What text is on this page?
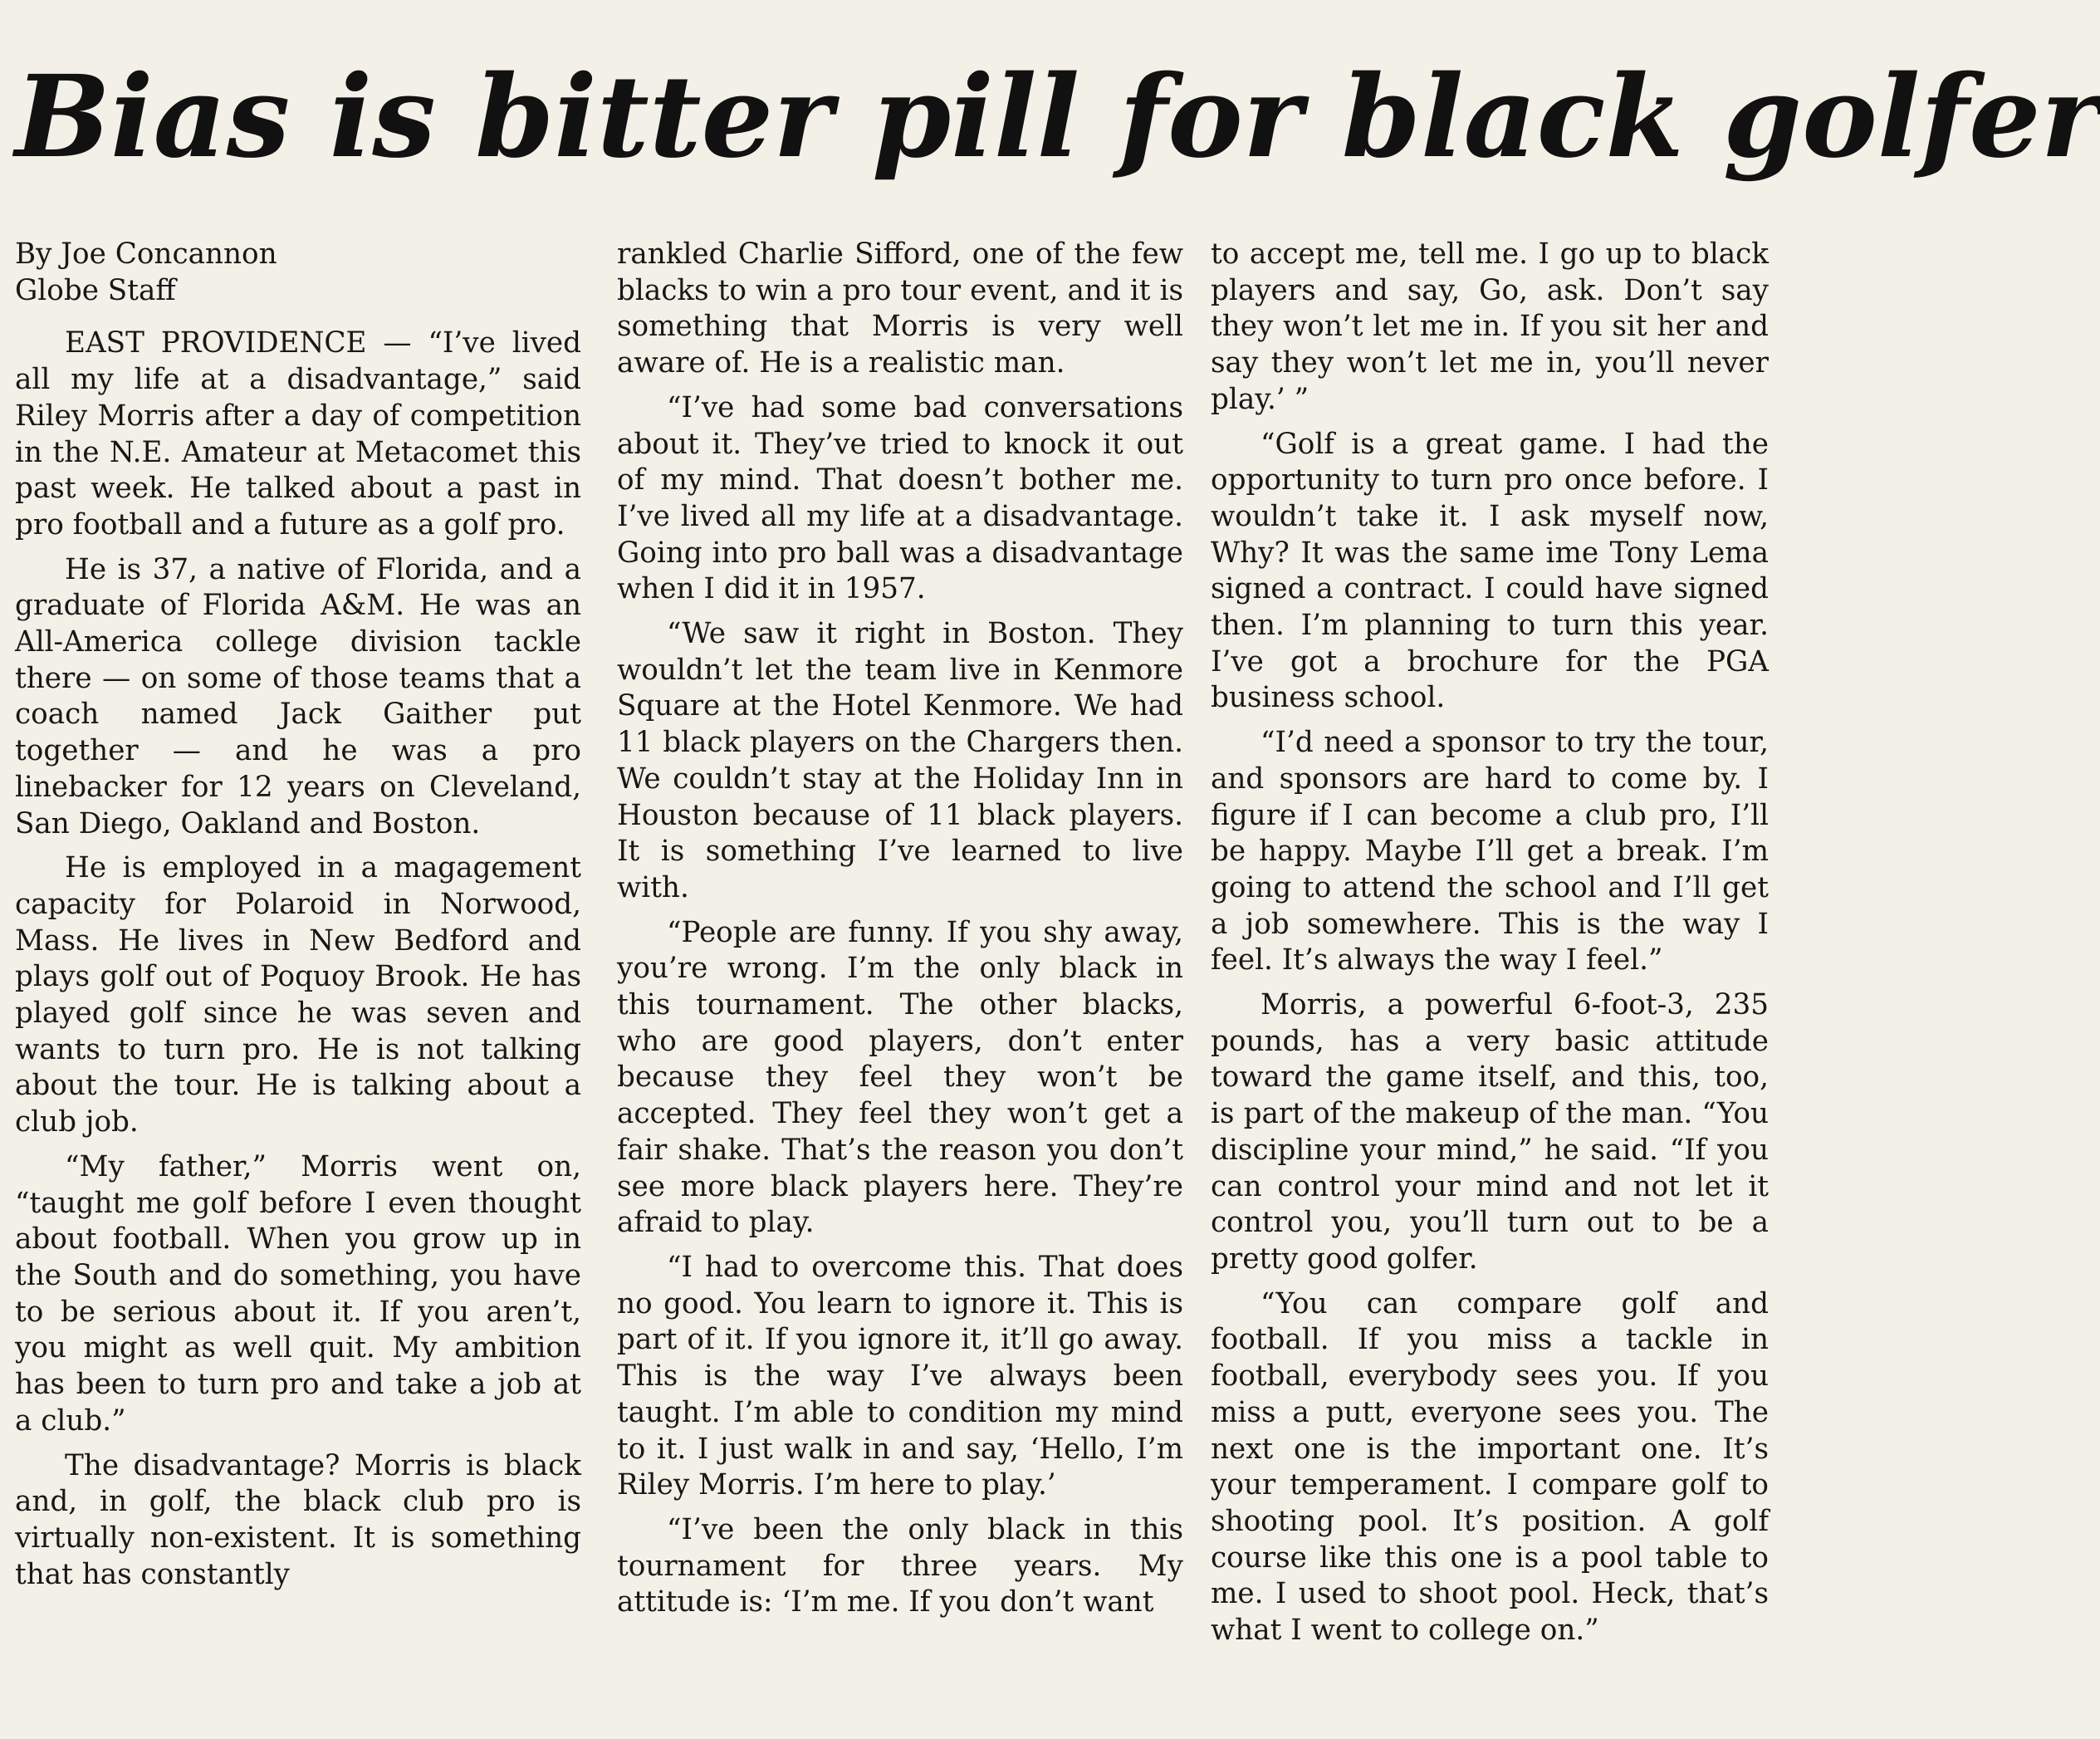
Bias is bitter pill for black golfer
By Joe Concannon
Globe Staff

EAST PROVIDENCE — “I’ve lived all my life at a disadvantage,” said Riley Morris after a day of competition in the N.E. Amateur at Metacomet this past week. He talked about a past in pro football and a future as a golf pro.

He is 37, a native of Florida, and a graduate of Florida A&M. He was an All-America college division tackle there — on some of those teams that a coach named Jack Gaither put together — and he was a pro linebacker for 12 years on Cleveland, San Diego, Oakland and Boston.

He is employed in a magagement capacity for Polaroid in Norwood, Mass. He lives in New Bedford and plays golf out of Poquoy Brook. He has played golf since he was seven and wants to turn pro. He is not talking about the tour. He is talking about a club job.

“My father,” Morris went on, “taught me golf before I even thought about football. When you grow up in the South and do something, you have to be serious about it. If you aren’t, you might as well quit. My ambition has been to turn pro and take a job at a club.”

The disadvantage? Morris is black and, in golf, the black club pro is virtually non-existent. It is something that has constantly

rankled Charlie Sifford, one of the few blacks to win a pro tour event, and it is something that Morris is very well aware of. He is a realistic man.

“I’ve had some bad conversations about it. They’ve tried to knock it out of my mind. That doesn’t bother me. I’ve lived all my life at a disadvantage. Going into pro ball was a disadvantage when I did it in 1957.

“We saw it right in Boston. They wouldn’t let the team live in Kenmore Square at the Hotel Kenmore. We had 11 black players on the Chargers then. We couldn’t stay at the Holiday Inn in Houston because of 11 black players. It is something I’ve learned to live with.

“People are funny. If you shy away, you’re wrong. I’m the only black in this tournament. The other blacks, who are good players, don’t enter because they feel they won’t be accepted. They feel they won’t get a fair shake. That’s the reason you don’t see more black players here. They’re afraid to play.

“I had to overcome this. That does no good. You learn to ignore it. This is part of it. If you ignore it, it’ll go away. This is the way I’ve always been taught. I’m able to condition my mind to it. I just walk in and say, ‘Hello, I’m Riley Morris. I’m here to play.’

“I’ve been the only black in this tournament for three years. My attitude is: ‘I’m me. If you don’t want

to accept me, tell me. I go up to black players and say, Go, ask. Don’t say they won’t let me in. If you sit her and say they won’t let me in, you’ll never play.’ ”

“Golf is a great game. I had the opportunity to turn pro once before. I wouldn’t take it. I ask myself now, Why? It was the same ime Tony Lema signed a contract. I could have signed then. I’m planning to turn this year. I’ve got a brochure for the PGA business school.

“I’d need a sponsor to try the tour, and sponsors are hard to come by. I figure if I can become a club pro, I’ll be happy. Maybe I’ll get a break. I’m going to attend the school and I’ll get a job somewhere. This is the way I feel. It’s always the way I feel.”

Morris, a powerful 6-foot-3, 235 pounds, has a very basic attitude toward the game itself, and this, too, is part of the makeup of the man. “You discipline your mind,” he said. “If you can control your mind and not let it control you, you’ll turn out to be a pretty good golfer.

“You can compare golf and football. If you miss a tackle in football, everybody sees you. If you miss a putt, everyone sees you. The next one is the important one. It’s your temperament. I compare golf to shooting pool. It’s position. A golf course like this one is a pool table to me. I used to shoot pool. Heck, that’s what I went to college on.”
